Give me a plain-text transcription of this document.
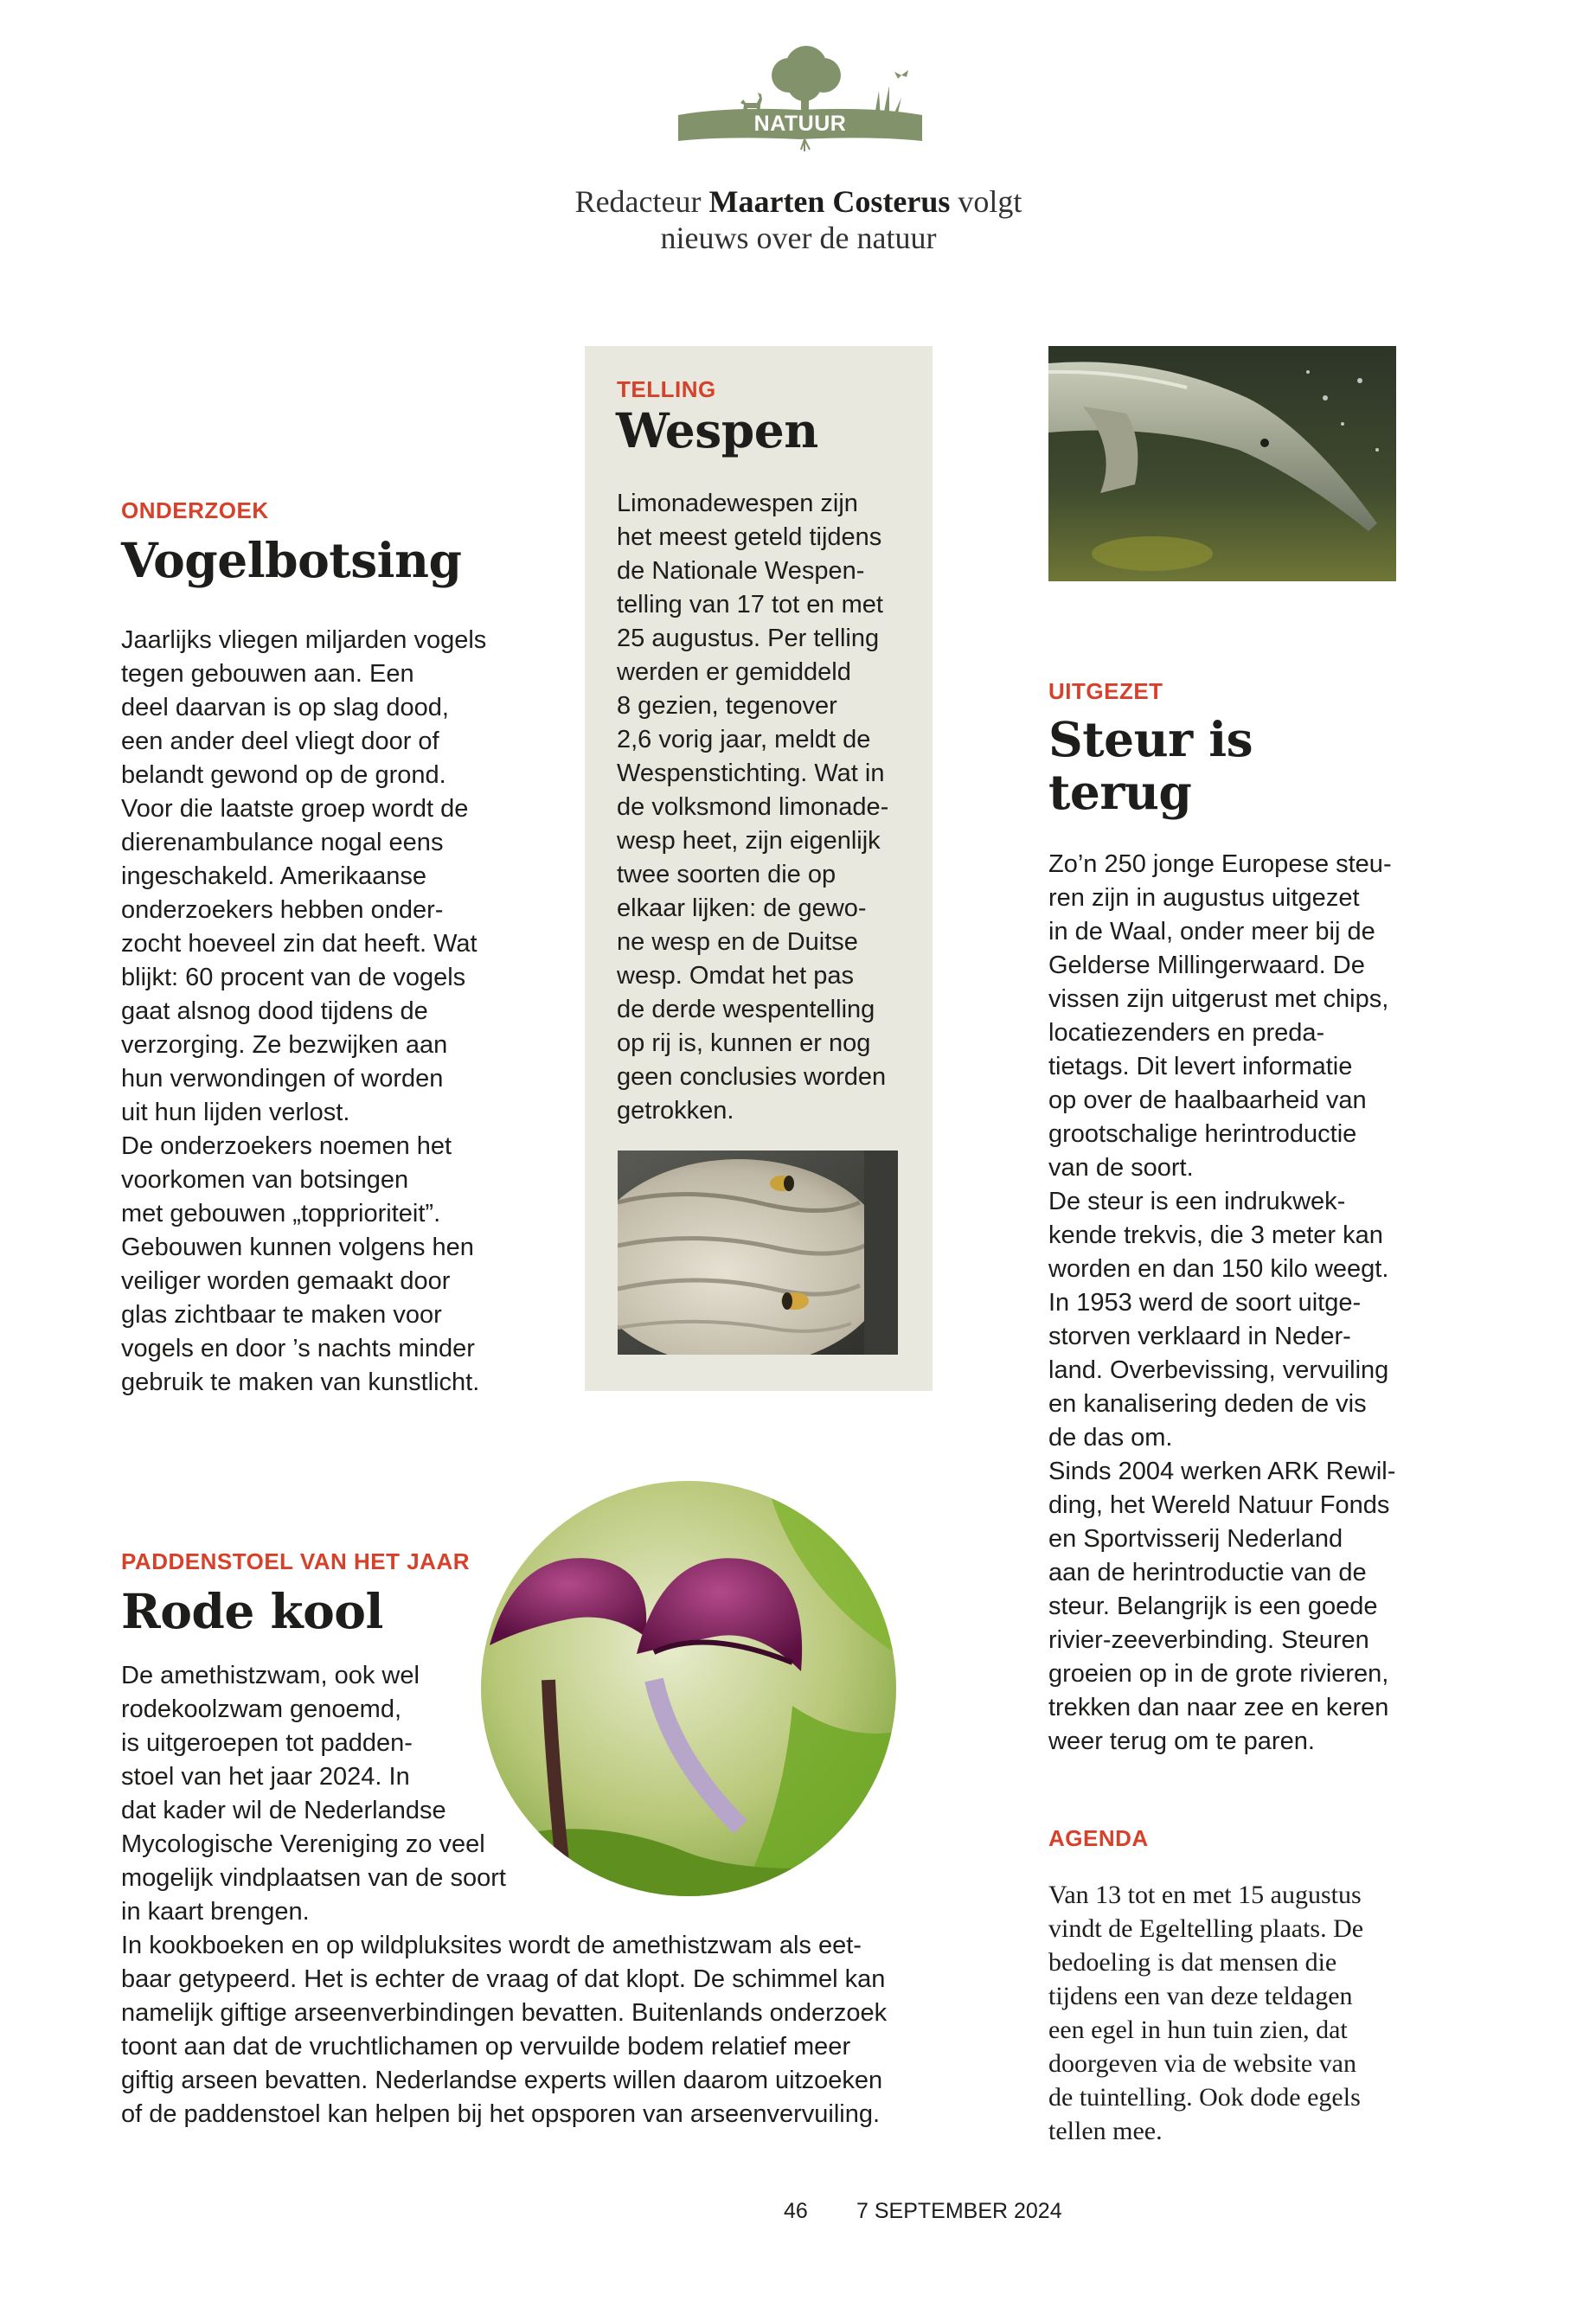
NATUUR
Redacteur Maarten Costerus volgt
nieuws over de natuur
ONDERZOEK
Vogelbotsing
Jaarlijks vliegen miljarden vogels
tegen gebouwen aan. Een
deel daarvan is op slag dood,
een ander deel vliegt door of
belandt gewond op de grond.
Voor die laatste groep wordt de
dierenambulance nogal eens
ingeschakeld. Amerikaanse
onderzoekers hebben onder-
zocht hoeveel zin dat heeft. Wat
blijkt: 60 procent van de vogels
gaat alsnog dood tijdens de
verzorging. Ze bezwijken aan
hun verwondingen of worden
uit hun lijden verlost.
De onderzoekers noemen het
voorkomen van botsingen
met gebouwen „topprioriteit”.
Gebouwen kunnen volgens hen
veiliger worden gemaakt door
glas zichtbaar te maken voor
vogels en door ’s nachts minder
gebruik te maken van kunstlicht.
TELLING
Wespen
Limonadewespen zijn
het meest geteld tijdens
de Nationale Wespen-
telling van 17 tot en met
25 augustus. Per telling
werden er gemiddeld
8 gezien, tegenover
2,6 vorig jaar, meldt de
Wespenstichting. Wat in
de volksmond limonade-
wesp heet, zijn eigenlijk
twee soorten die op
elkaar lijken: de gewo-
ne wesp en de Duitse
wesp. Omdat het pas
de derde wespentelling
op rij is, kunnen er nog
geen conclusies worden
getrokken.
UITGEZET
Steur is terug
Zo’n 250 jonge Europese steu-
ren zijn in augustus uitgezet
in de Waal, onder meer bij de
Gelderse Millingerwaard. De
vissen zijn uitgerust met chips,
locatiezenders en preda-
tietags. Dit levert informatie
op over de haalbaarheid van
grootschalige herintroductie
van de soort.
De steur is een indrukwek-
kende trekvis, die 3 meter kan
worden en dan 150 kilo weegt.
In 1953 werd de soort uitge-
storven verklaard in Neder-
land. Overbevissing, vervuiling
en kanalisering deden de vis
de das om.
Sinds 2004 werken ARK Rewil-
ding, het Wereld Natuur Fonds
en Sportvisserij Nederland
aan de herintroductie van de
steur. Belangrijk is een goede
rivier-zeeverbinding. Steuren
groeien op in de grote rivieren,
trekken dan naar zee en keren
weer terug om te paren.
PADDENSTOEL VAN HET JAAR
Rode kool
De amethistzwam, ook wel
rodekoolzwam genoemd,
is uitgeroepen tot padden-
stoel van het jaar 2024. In
dat kader wil de Nederlandse
Mycologische Vereniging zo veel
mogelijk vindplaatsen van de soort
in kaart brengen.
In kookboeken en op wildpluksites wordt de amethistzwam als eet-
baar getypeerd. Het is echter de vraag of dat klopt. De schimmel kan
namelijk giftige arseenverbindingen bevatten. Buitenlands onderzoek
toont aan dat de vruchtlichamen op vervuilde bodem relatief meer
giftig arseen bevatten. Nederlandse experts willen daarom uitzoeken
of de paddenstoel kan helpen bij het opsporen van arseenvervuiling.
AGENDA
Van 13 tot en met 15 augustus
vindt de Egeltelling plaats. De
bedoeling is dat mensen die
tijdens een van deze teldagen
een egel in hun tuin zien, dat
doorgeven via de website van
de tuintelling. Ook dode egels
tellen mee.
46 7 SEPTEMBER 2024
